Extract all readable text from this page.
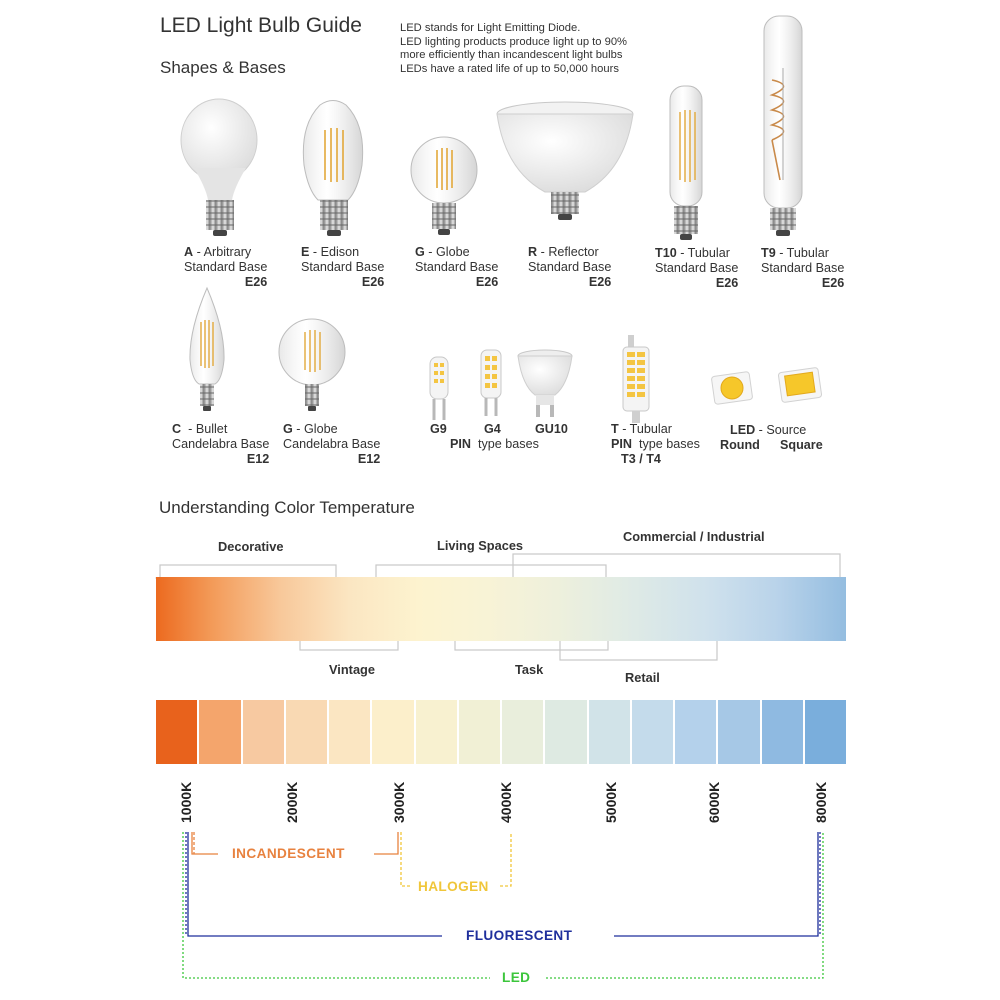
LED Light Bulb Guide
Shapes & Bases
Understanding Color Temperature
LED stands for Light Emitting Diode.
LED lighting products produce light up to 90%
more efficiently than incandescent light bulbs
LEDs have a rated life of up to 50,000 hours
A - Arbitrary
Standard Base
E26
E - Edison
Standard Base
E26
G - Globe
Standard Base
E26
R - Reflector
Standard Base
E26
T10 - Tubular
Standard Base
E26
T9 - Tubular
Standard Base
E26
C  - Bullet
Candelabra Base
E12
G - Globe
Candelabra Base
E12
G9	G4	GU10
PIN type bases
T - Tubular
PIN type bases
T3 / T4
LED - Source
Round Square
Decorative	Living Spaces
Commercial / Industrial
Vintage	Task
Retail
1000K	2000K	3000K	4000K	5000K	6000K	8000K
INCANDESCENT
HALOGEN
FLUORESCENT
LED
